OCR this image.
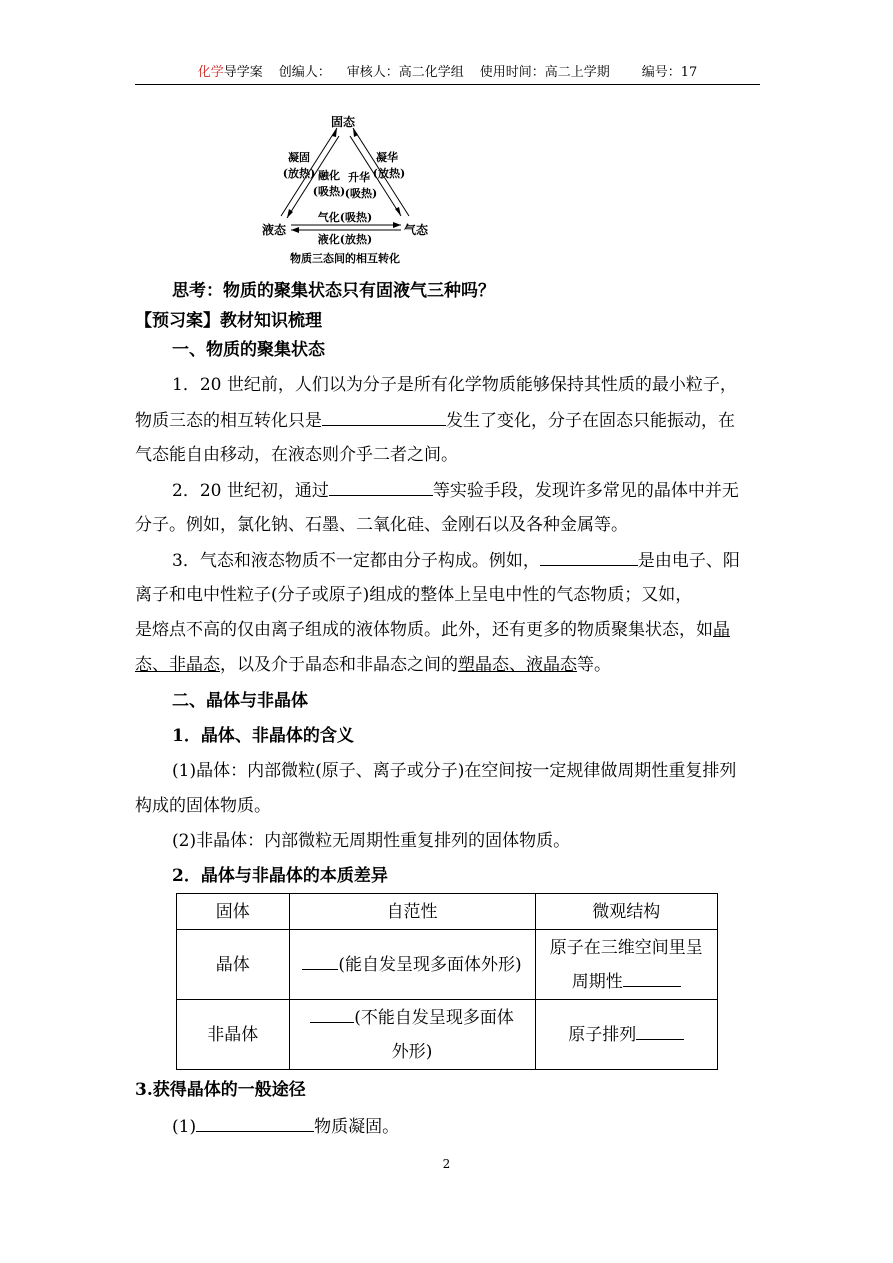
化学导学案 创编人： 审核人：高二化学组 使用时间：高二上学期 编号：17
固态
液态	气态
凝固
(放热) 融化
(吸热)
升华
(吸热)
凝华
(放热)
气化(吸热)
液化(放热)
物质三态间的相互转化
思考：物质的聚集状态只有固液气三种吗？
【预习案】教材知识梳理
一、物质的聚集状态
1．20 世纪前，人们以为分子是所有化学物质能够保持其性质的最小粒子，
物质三态的相互转化只是	发生了变化，分子在固态只能振动，在
气态能自由移动，在液态则介乎二者之间。
2．20 世纪初，通过	等实验手段，发现许多常见的晶体中并无
分子。例如，氯化钠、石墨、二氧化硅、金刚石以及各种金属等。
3．气态和液态物质不一定都由分子构成。例如，	是由电子、阳
离子和电中性粒子(分子或原子)组成的整体上呈电中性的气态物质；又如，
是熔点不高的仅由离子组成的液体物质。此外，还有更多的物质聚集状态，如晶
态、非晶态，以及介于晶态和非晶态之间的塑晶态、液晶态等。
二、晶体与非晶体
1．晶体、非晶体的含义
(1)晶体：内部微粒(原子、离子或分子)在空间按一定规律做周期性重复排列
构成的固体物质。
(2)非晶体：内部微粒无周期性重复排列的固体物质。
2．晶体与非晶体的本质差异
固体	自范性	微观结构
晶体	(能自发呈现多面体外形)	原子在三维空间里呈
周期性

非晶体	(不能自发呈现多面体
外形)	原子排列
3.获得晶体的一般途径
(1)	物质凝固。
2
